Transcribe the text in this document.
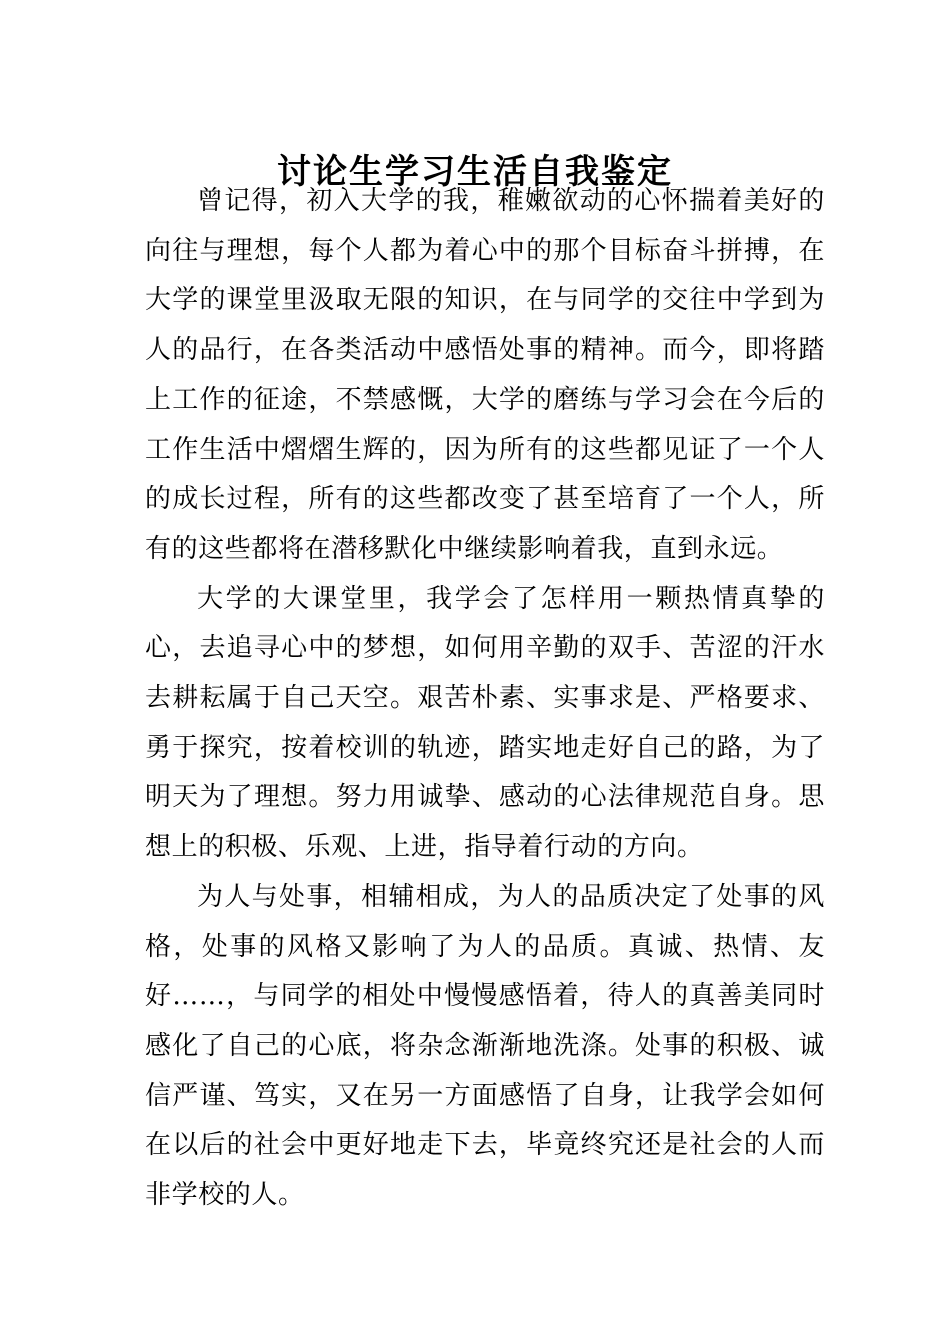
讨论生学习生活自我鉴定

曾记得，初入大学的我，稚嫩欲动的心怀揣着美好的向往与理想，每个人都为着心中的那个目标奋斗拼搏，在大学的课堂里汲取无限的知识，在与同学的交往中学到为人的品行，在各类活动中感悟处事的精神。而今，即将踏上工作的征途，不禁感慨，大学的磨练与学习会在今后的工作生活中熠熠生辉的，因为所有的这些都见证了一个人的成长过程，所有的这些都改变了甚至培育了一个人，所有的这些都将在潜移默化中继续影响着我，直到永远。

大学的大课堂里，我学会了怎样用一颗热情真挚的心，去追寻心中的梦想，如何用辛勤的双手、苦涩的汗水去耕耘属于自己天空。艰苦朴素、实事求是、严格要求、勇于探究，按着校训的轨迹，踏实地走好自己的路，为了明天为了理想。努力用诚挚、感动的心法律规范自身。思想上的积极、乐观、上进，指导着行动的方向。

为人与处事，相辅相成，为人的品质决定了处事的风格，处事的风格又影响了为人的品质。真诚、热情、友好……，与同学的相处中慢慢感悟着，待人的真善美同时感化了自己的心底，将杂念渐渐地洗涤。处事的积极、诚信严谨、笃实，又在另一方面感悟了自身，让我学会如何在以后的社会中更好地走下去，毕竟终究还是社会的人而非学校的人。
